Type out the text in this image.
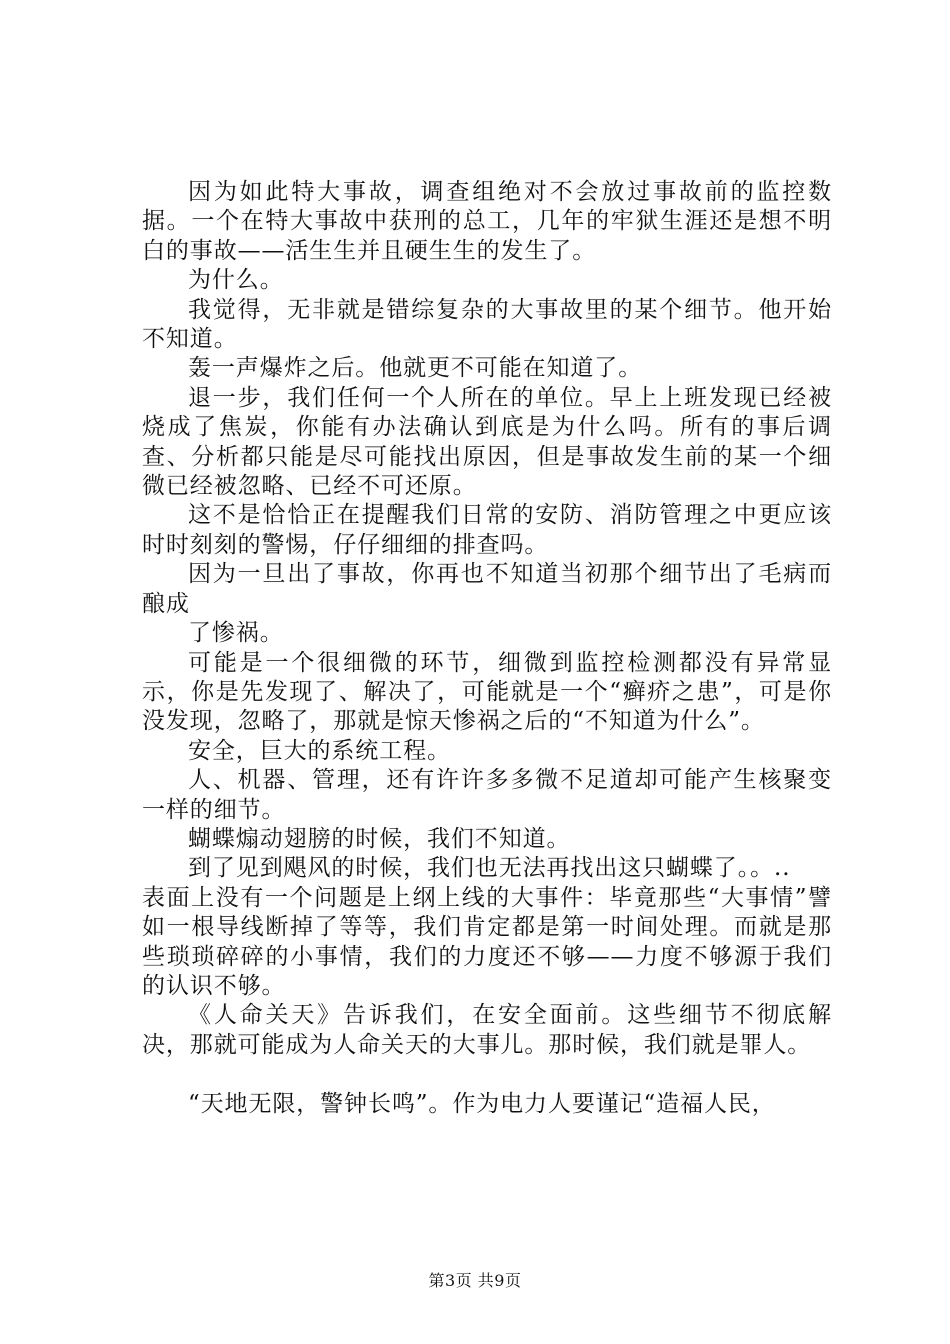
因为如此特大事故，调查组绝对不会放过事故前的监控数据。一个在特大事故中获刑的总工，几年的牢狱生涯还是想不明白的事故——活生生并且硬生生的发生了。

为什么。

我觉得，无非就是错综复杂的大事故里的某个细节。他开始不知道。

轰一声爆炸之后。他就更不可能在知道了。

退一步，我们任何一个人所在的单位。早上上班发现已经被烧成了焦炭，你能有办法确认到底是为什么吗。所有的事后调查、分析都只能是尽可能找出原因，但是事故发生前的某一个细微已经被忽略、已经不可还原。

这不是恰恰正在提醒我们日常的安防、消防管理之中更应该时时刻刻的警惕，仔仔细细的排查吗。

因为一旦出了事故，你再也不知道当初那个细节出了毛病而酿成

了惨祸。

可能是一个很细微的环节，细微到监控检测都没有异常显示，你是先发现了、解决了，可能就是一个“癣疥之患”，可是你没发现，忽略了，那就是惊天惨祸之后的“不知道为什么”。

安全，巨大的系统工程。

人、机器、管理，还有许许多多微不足道却可能产生核聚变一样的细节。

蝴蝶煽动翅膀的时候，我们不知道。

到了见到飓风的时候，我们也无法再找出这只蝴蝶了。。..

表面上没有一个问题是上纲上线的大事件：毕竟那些“大事情”譬如一根导线断掉了等等，我们肯定都是第一时间处理。而就是那些琐琐碎碎的小事情，我们的力度还不够——力度不够源于我们的认识不够。

《人命关天》告诉我们，在安全面前。这些细节不彻底解决，那就可能成为人命关天的大事儿。那时候，我们就是罪人。

“天地无限，警钟长鸣”。作为电力人要谨记“造福人民，

第3页 共9页
